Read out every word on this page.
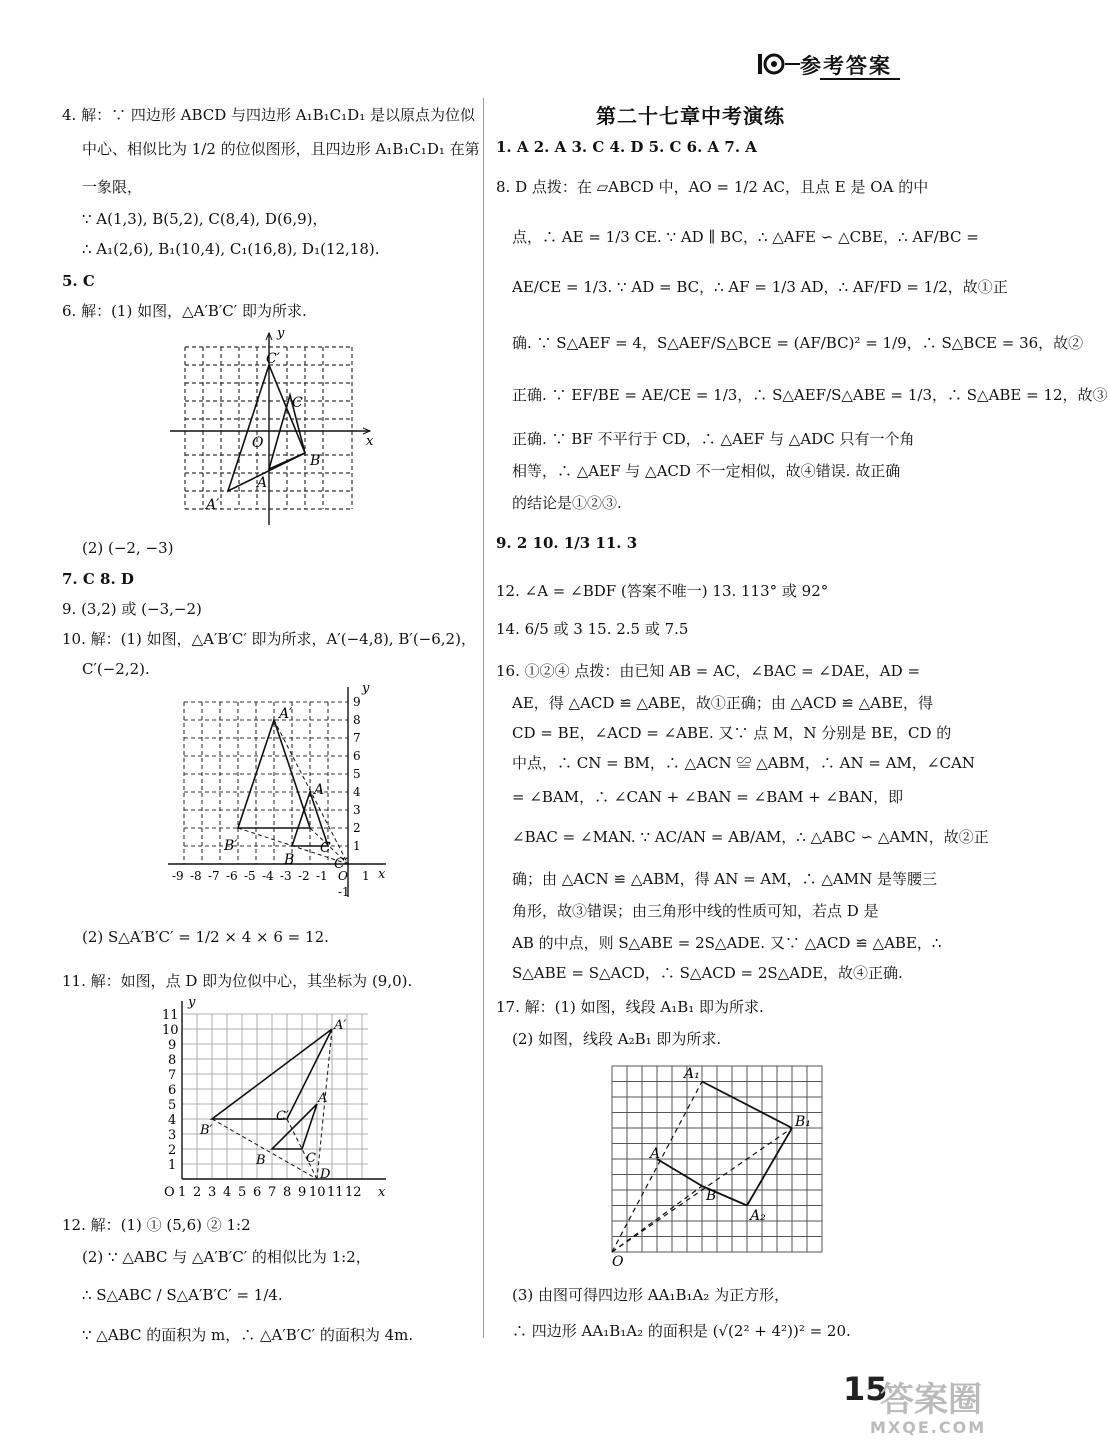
参考答案
4. 解：∵ 四边形 ABCD 与四边形 A₁B₁C₁D₁ 是以原点为位似
中心、相似比为 1/2 的位似图形，且四边形 A₁B₁C₁D₁ 在第
一象限，
∵ A(1,3), B(5,2), C(8,4), D(6,9)，
∴ A₁(2,6), B₁(10,4), C₁(16,8), D₁(12,18).
5. C
6. 解：(1) 如图，△A′B′C′ 即为所求.
y
x
O
C′
C
A
A′
B
(2) (−2, −3)
7. C 8. D
9. (3,2) 或 (−3,−2)
10. 解：(1) 如图，△A′B′C′ 即为所求，A′(−4,8), B′(−6,2)，
C′(−2,2).
9
8
7
6
5
4
3
2
1
-9 -8 -7 -6 -5 -4 -3 -2 -1 O 1
-1
y
x
A′
B′
A
B
C
C′
(2) S△A′B′C′ = 1/2 × 4 × 6 = 12.
11. 解：如图，点 D 即为位似中心，其坐标为 (9,0).
11
10
9
8
7
6
5
4
3
2
1
O 1 2 3 4 5 6 7 8 9 10 11 12
y
x
A′
B′
C′
A
B	C
D
12. 解：(1) ① (5,6) ② 1:2
(2) ∵ △ABC 与 △A′B′C′ 的相似比为 1:2，
∴ S△ABC / S△A′B′C′ = 1/4.
∵ △ABC 的面积为 m，∴ △A′B′C′ 的面积为 4m.
第二十七章中考演练
1. A 2. A 3. C 4. D 5. C 6. A 7. A
8. D 点拨：在 ▱ABCD 中，AO = 1/2 AC，且点 E 是 OA 的中
点，∴ AE = 1/3 CE. ∵ AD ∥ BC，∴ △AFE ∽ △CBE，∴ AF/BC =
AE/CE = 1/3. ∵ AD = BC，∴ AF = 1/3 AD，∴ AF/FD = 1/2，故①正
确. ∵ S△AEF = 4，S△AEF/S△BCE = (AF/BC)² = 1/9，∴ S△BCE = 36，故②
正确. ∵ EF/BE = AE/CE = 1/3，∴ S△AEF/S△ABE = 1/3，∴ S△ABE = 12，故③
正确. ∵ BF 不平行于 CD，∴ △AEF 与 △ADC 只有一个角
相等，∴ △AEF 与 △ACD 不一定相似，故④错误. 故正确
的结论是①②③.
9. 2 10. 1/3 11. 3
12. ∠A = ∠BDF (答案不唯一) 13. 113° 或 92°
14. 6/5 或 3 15. 2.5 或 7.5
16. ①②④ 点拨：由已知 AB = AC，∠BAC = ∠DAE，AD =
AE，得 △ACD ≌ △ABE，故①正确；由 △ACD ≌ △ABE，得
CD = BE，∠ACD = ∠ABE. 又∵ 点 M，N 分别是 BE，CD 的
中点，∴ CN = BM，∴ △ACN ≌ △ABM，∴ AN = AM，∠CAN
= ∠BAM，∴ ∠CAN + ∠BAN = ∠BAM + ∠BAN，即
∠BAC = ∠MAN. ∵ AC/AN = AB/AM，∴ △ABC ∽ △AMN，故②正
确；由 △ACN ≌ △ABM，得 AN = AM，∴ △AMN 是等腰三
角形，故③错误；由三角形中线的性质可知，若点 D 是
AB 的中点，则 S△ABE = 2S△ADE. 又∵ △ACD ≌ △ABE，∴
S△ABE = S△ACD，∴ S△ACD = 2S△ADE，故④正确.
17. 解：(1) 如图，线段 A₁B₁ 即为所求.
(2) 如图，线段 A₂B₁ 即为所求.
A₁
B₁
A
B
A₂
O
(3) 由图可得四边形 AA₁B₁A₂ 为正方形，
∴ 四边形 AA₁B₁A₂ 的面积是 (√(2² + 4²))² = 20.
15
答案圈
MXQE.COM
